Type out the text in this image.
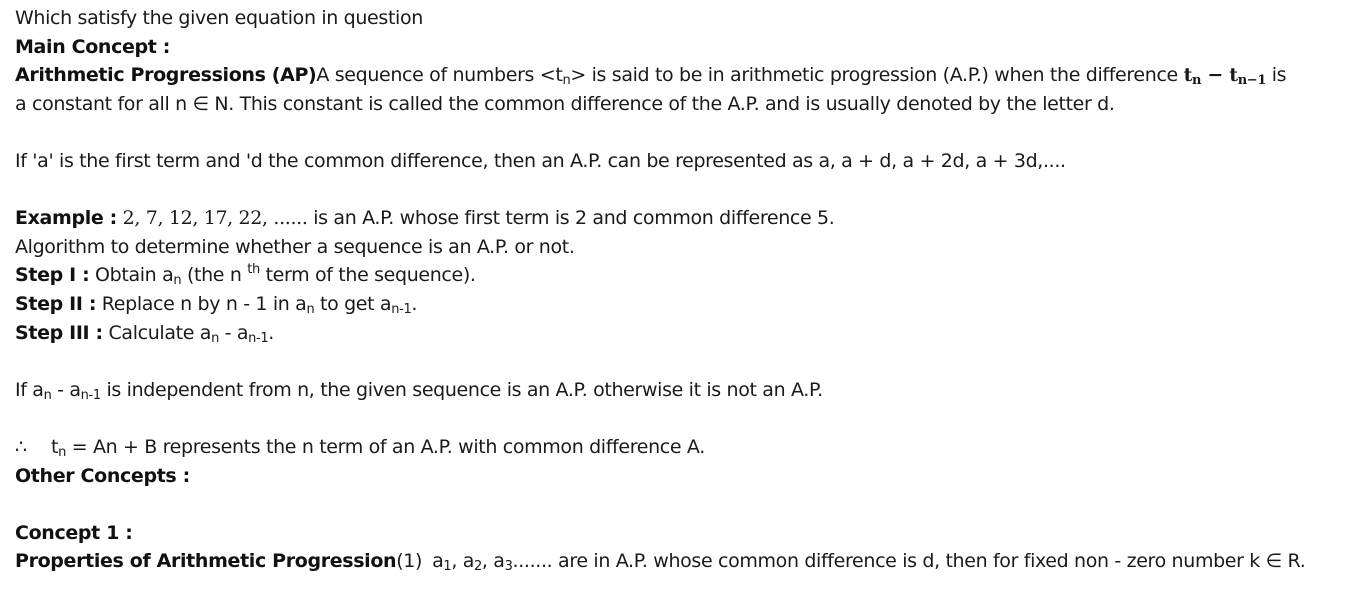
Which satisfy the given equation in question
Main Concept :
Arithmetic Progressions (AP)A sequence of numbers $<t_n>$ is said to be in arithmetic progression (A.P.) when the difference $t_n - t_{n-1}$ is
a constant for all n ∈ N. This constant is called the common difference of the A.P. and is usually denoted by the letter d.
If 'a' is the first term and 'd the common difference, then an A.P. can be represented as a, a + d, a + 2d, a + 3d,....
Example : 2, 7, 12, 17, 22, ...... is an A.P. whose first term is 2 and common difference 5.
Algorithm to determine whether a sequence is an A.P. or not.
Step I : Obtain $a_n$ (the n $^{th}$ term of the sequence).
Step II : Replace n by n - 1 in $a_n$ to get $a_{n-1}$.
Step III : Calculate $a_n - a_{n-1}$.
If $a_n - a_{n-1}$ is independent from n, the given sequence is an A.P. otherwise it is not an A.P.
∴ $t_n = An + B$ represents the n term of an A.P. with common difference A.
Other Concepts :
Concept 1 :
Properties of Arithmetic Progression(1) $a_1$, $a_2$, $a_3$....... are in A.P. whose common difference is d, then for fixed non - zero number k ∈ R.
